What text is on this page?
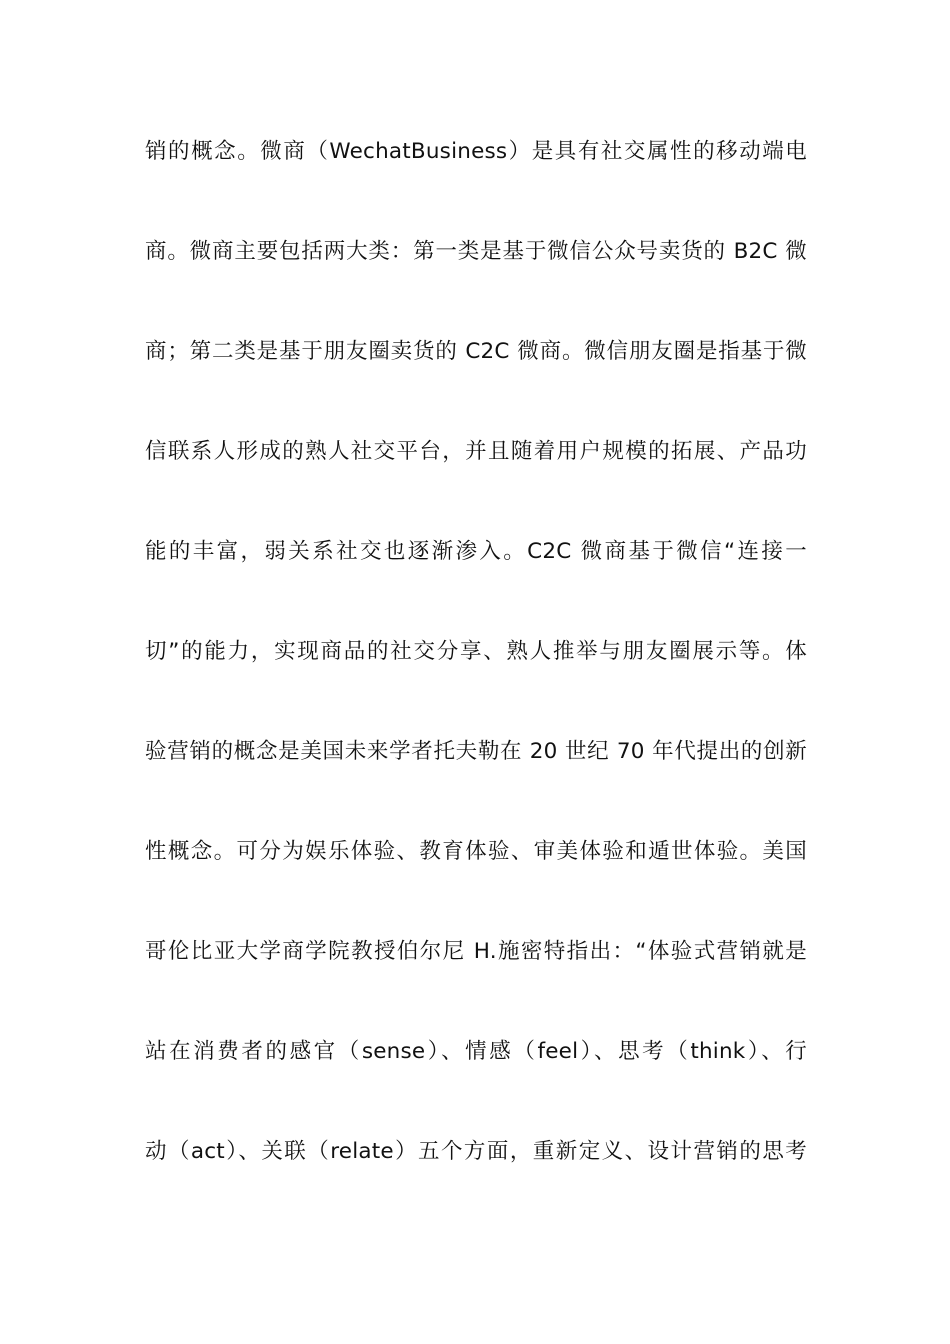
销的概念。微商（WechatBusiness）是具有社交属性的移动端电
商。微商主要包括两大类：第一类是基于微信公众号卖货的 B2C 微
商；第二类是基于朋友圈卖货的 C2C 微商。微信朋友圈是指基于微
信联系人形成的熟人社交平台，并且随着用户规模的拓展、产品功
能的丰富，弱关系社交也逐渐渗入。C2C 微商基于微信“连接一
切”的能力，实现商品的社交分享、熟人推举与朋友圈展示等。体
验营销的概念是美国未来学者托夫勒在 20 世纪 70 年代提出的创新
性概念。可分为娱乐体验、教育体验、审美体验和遁世体验。美国
哥伦比亚大学商学院教授伯尔尼 H.施密特指出：“体验式营销就是
站在消费者的感官（sense）、情感（feel）、思考（think）、行
动（act）、关联（relate）五个方面，重新定义、设计营销的思考
